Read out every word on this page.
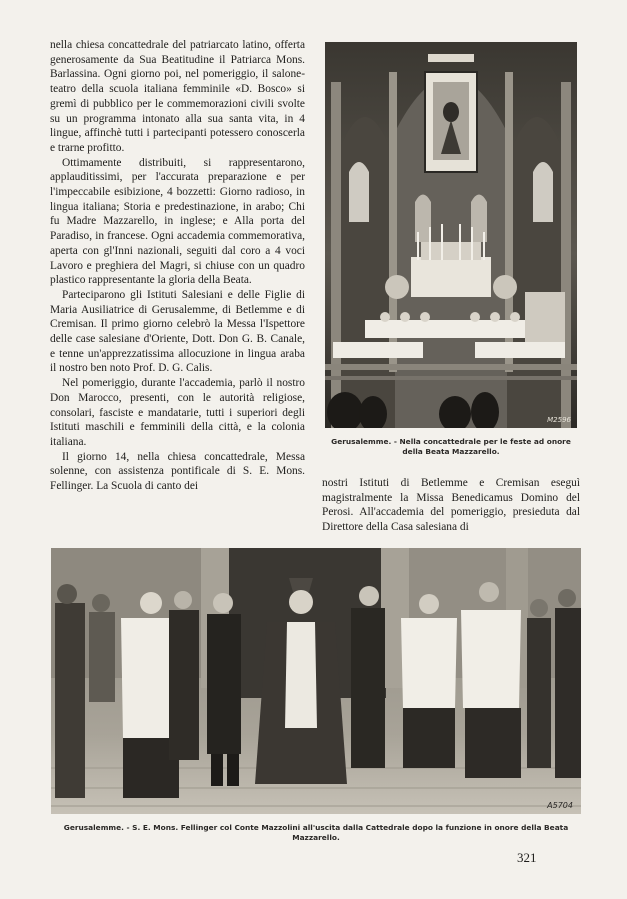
nella chiesa concattedrale del patriarcato latino, offerta generosamente da Sua Beatitudine il Patriarca Mons. Barlassina. Ogni giorno poi, nel pomeriggio, il salone-teatro della scuola italiana femminile «D. Bosco» si gremì di pubblico per le commemorazioni civili svolte su un programma intonato alla sua santa vita, in 4 lingue, affinchè tutti i partecipanti potessero conoscerla e trarne profitto.

Ottimamente distribuiti, si rappresentarono, applauditissimi, per l'accurata preparazione e per l'impeccabile esibizione, 4 bozzetti: Giorno radioso, in lingua italiana; Storia e predestinazione, in arabo; Chi fu Madre Mazzarello, in inglese; e Alla porta del Paradiso, in francese. Ogni accademia commemorativa, aperta con gl'Inni nazionali, seguiti dal coro a 4 voci Lavoro e preghiera del Magri, si chiuse con un quadro plastico rappresentante la gloria della Beata.

Parteciparono gli Istituti Salesiani e delle Figlie di Maria Ausiliatrice di Gerusalemme, di Betlemme e di Cremisan. Il primo giorno celebrò la Messa l'Ispettore delle case salesiane d'Oriente, Dott. Don G. B. Canale, e tenne un'apprezzatissima allocuzione in lingua araba il nostro ben noto Prof. D. G. Calis.

Nel pomeriggio, durante l'accademia, parlò il nostro Don Marocco, presenti, con le autorità religiose, consolari, fasciste e mandatarie, tutti i superiori degli Istituti maschili e femminili della città, e la colonia italiana.

Il giorno 14, nella chiesa concattedrale, Messa solenne, con assistenza pontificale di S. E. Mons. Fellinger. La Scuola di canto dei

M2596
Gerusalemme. - Nella concattedrale per le feste ad onore della Beata Mazzarello.

nostri Istituti di Betlemme e Cremisan eseguì magistralmente la Missa Benedicamus Domino del Perosi. All'accademia del pomeriggio, presieduta dal Direttore della Casa salesiana di

A5704
Gerusalemme. - S. E. Mons. Fellinger col Conte Mazzolini all'uscita dalla Cattedrale dopo la funzione in onore della Beata Mazzarello.
321
